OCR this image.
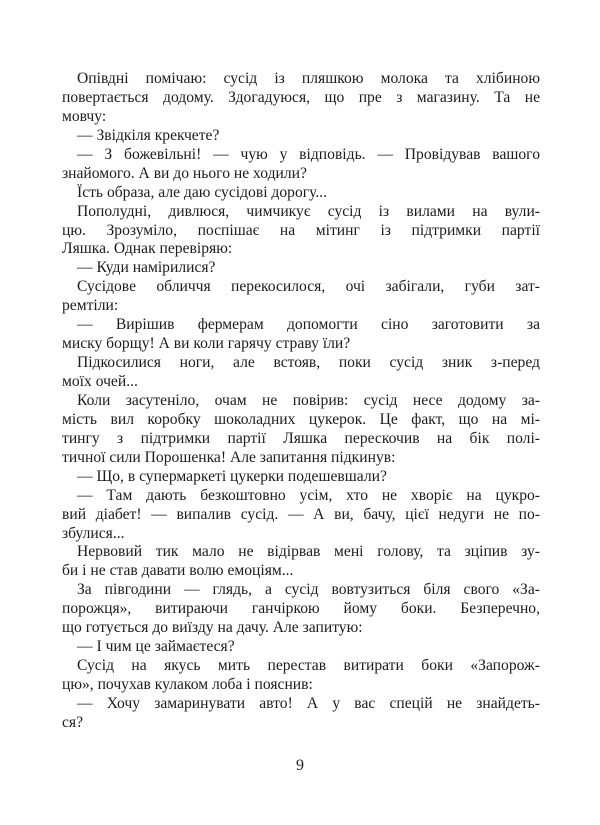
Опівдні помічаю: сусід із пляшкою молока та хлібиною
повертається додому. Здогадуюся, що пре з магазину. Та не
мовчу:
— Звідкіля крекчете?
— З божевільні! — чую у відповідь. — Провідував вашого
знайомого. А ви до нього не ходили?
Їсть образа, але даю сусідові дорогу...
Пополудні, дивлюся, чимчикує сусід із вилами на вули-
цю. Зрозуміло, поспішає на мітинг із підтримки партії
Ляшка. Однак перевіряю:
— Куди намірилися?
Сусідове обличчя перекосилося, очі забігали, губи зат-
ремтіли:
— Вирішив фермерам допомогти сіно заготовити за
миску борщу! А ви коли гарячу страву їли?
Підкосилися ноги, але встояв, поки сусід зник з-перед
моїх очей...
Коли засутеніло, очам не повірив: сусід несе додому за-
мість вил коробку шоколадних цукерок. Це факт, що на мі-
тингу з підтримки партії Ляшка перескочив на бік полі-
тичної сили Порошенка! Але запитання підкинув:
— Що, в супермаркеті цукерки подешевшали?
— Там дають безкоштовно усім, хто не хворіє на цукро-
вий діабет! — випалив сусід. — А ви, бачу, цієї недуги не по-
збулися...
Нервовий тик мало не відірвав мені голову, та зціпив зу-
би і не став давати волю емоціям...
За півгодини — глядь, а сусід вовтузиться біля свого «За-
порожця», витираючи ганчіркою йому боки. Безперечно,
що готується до виїзду на дачу. Але запитую:
— І чим це займаєтеся?
Сусід на якусь мить перестав витирати боки «Запорож-
цю», почухав кулаком лоба і пояснив:
— Хочу замаринувати авто! А у вас спецій не знайдеть-
ся?
9
